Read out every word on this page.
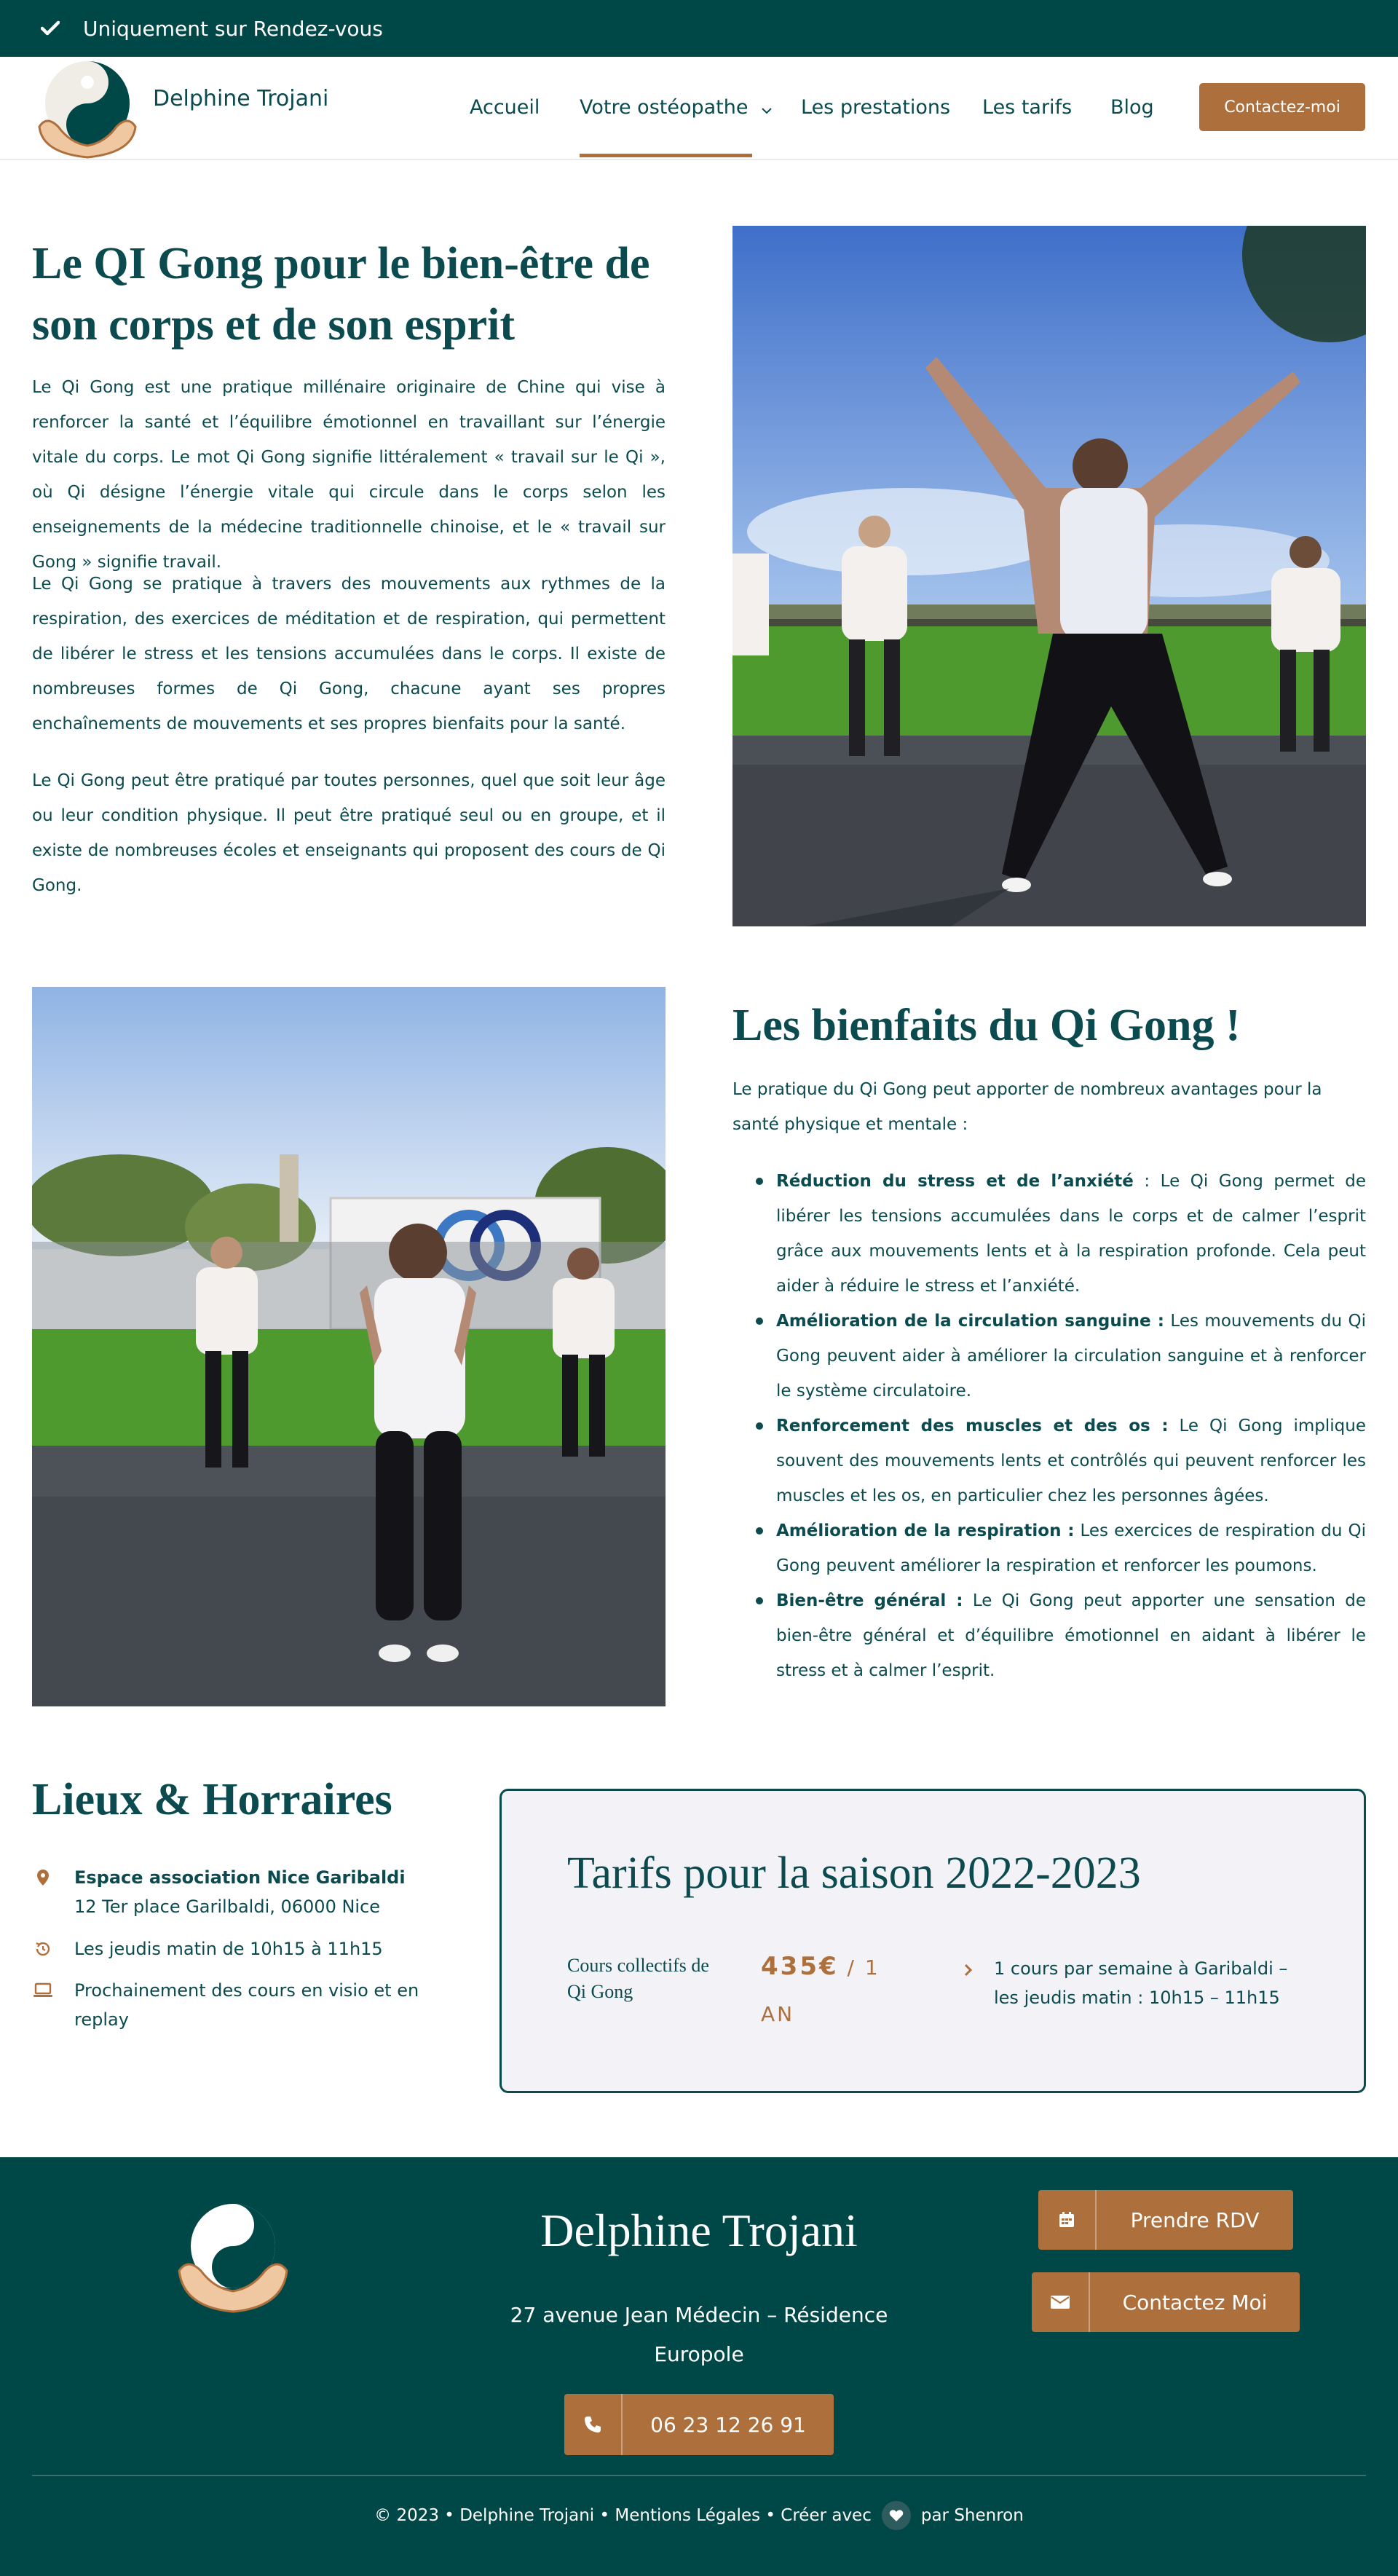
Uniquement sur Rendez-vous
Delphine Trojani	Accueil Votre ostéopathe	Les prestations Les tarifs Blog	Contactez-moi
Le QI Gong pour le bien-être de son corps et de son esprit

Le Qi Gong est une pratique millénaire originaire de Chine qui vise à renforcer la santé et l’équilibre émotionnel en travaillant sur l’énergie vitale du corps. Le mot Qi Gong signifie littéralement « travail sur le Qi », où Qi désigne l’énergie vitale qui circule dans le corps selon les enseignements de la médecine traditionnelle chinoise, et le « travail sur Gong » signifie travail.

Le Qi Gong se pratique à travers des mouvements aux rythmes de la respiration, des exercices de méditation et de respiration, qui permettent de libérer le stress et les tensions accumulées dans le corps. Il existe de nombreuses formes de Qi Gong, chacune ayant ses propres enchaînements de mouvements et ses propres bienfaits pour la santé.

Le Qi Gong peut être pratiqué par toutes personnes, quel que soit leur âge ou leur condition physique. Il peut être pratiqué seul ou en groupe, et il existe de nombreuses écoles et enseignants qui proposent des cours de Qi Gong.

Les bienfaits du Qi Gong !

Le pratique du Qi Gong peut apporter de nombreux avantages pour la santé physique et mentale :

Réduction du stress et de l’anxiété : Le Qi Gong permet de libérer les tensions accumulées dans le corps et de calmer l’esprit grâce aux mouvements lents et à la respiration profonde. Cela peut aider à réduire le stress et l’anxiété.
Amélioration de la circulation sanguine : Les mouvements du Qi Gong peuvent aider à améliorer la circulation sanguine et à renforcer le système circulatoire.
Renforcement des muscles et des os : Le Qi Gong implique souvent des mouvements lents et contrôlés qui peuvent renforcer les muscles et les os, en particulier chez les personnes âgées.
Amélioration de la respiration : Les exercices de respiration du Qi Gong peuvent améliorer la respiration et renforcer les poumons.
Bien-être général : Le Qi Gong peut apporter une sensation de bien-être général et d’équilibre émotionnel en aidant à libérer le stress et à calmer l’esprit.
Lieux & Horraires
Espace association Nice Garibaldi
12 Ter place Garilbaldi, 06000 Nice
Les jeudis matin de 10h15 à 11h15
Prochainement des cours en visio et en replay
Tarifs pour la saison 2022-2023
Cours collectifs de Qi Gong
435€ / 1 AN
1 cours par semaine à Garibaldi – les jeudis matin : 10h15 – 11h15
Delphine Trojani
27 avenue Jean Médecin – Résidence Europole
06 23 12 26 91
Prendre RDV
Contactez Moi
© 2023 • Delphine Trojani • Mentions Légales • Créer avec	par Shenron
